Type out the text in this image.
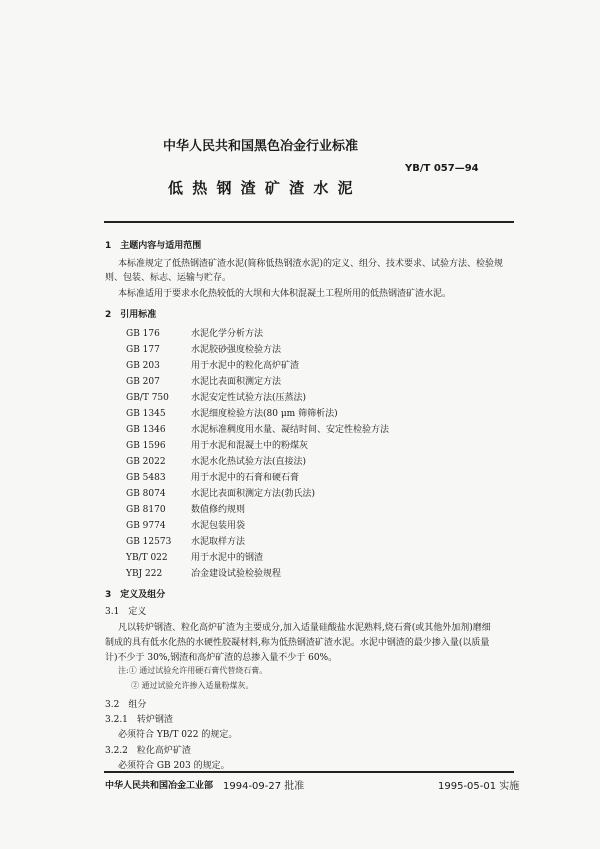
中华人民共和国黑色冶金行业标准
YB/T 057—94
低 热 钢 渣 矿 渣 水 泥
1　主题内容与适用范围
本标准规定了低热钢渣矿渣水泥(简称低热钢渣水泥)的定义、组分、技术要求、试验方法、检验规
则、包装、标志、运输与贮存。
本标准适用于要求水化热较低的大坝和大体积混凝土工程所用的低热钢渣矿渣水泥。
2　引用标准
GB 176	水泥化学分析方法
GB 177	水泥胶砂强度检验方法
GB 203	用于水泥中的粒化高炉矿渣
GB 207	水泥比表面积测定方法
GB/T 750 水泥安定性试验方法(压蒸法)
GB 1345	水泥细度检验方法(80 μm 筛筛析法)
GB 1346	水泥标准稠度用水量、凝结时间、安定性检验方法
GB 1596	用于水泥和混凝土中的粉煤灰
GB 2022	水泥水化热试验方法(直接法)
GB 5483	用于水泥中的石膏和硬石膏
GB 8074	水泥比表面积测定方法(勃氏法)
GB 8170	数值修约规则
GB 9774	水泥包装用袋
GB 12573 水泥取样方法
YB/T 022	用于水泥中的钢渣
YBJ 222	冶金建设试验检验规程
3　定义及组分
3.1　定义
凡以转炉钢渣、粒化高炉矿渣为主要成分,加入适量硅酸盐水泥熟料,烧石膏(或其他外加剂)磨细
制成的具有低水化热的水硬性胶凝材料,称为低热钢渣矿渣水泥。水泥中钢渣的最少掺入量(以质量
计)不少于 30%,钢渣和高炉矿渣的总掺入量不少于 60%。
注:① 通过试验允许用硬石膏代替烧石膏。
② 通过试验允许掺入适量粉煤灰。
3.2　组分
3.2.1　转炉钢渣
必须符合 YB/T 022 的规定。
3.2.2　粒化高炉矿渣
必须符合 GB 203 的规定。
中华人民共和国冶金工业部 1994-09-27 批准	1995-05-01 实施
